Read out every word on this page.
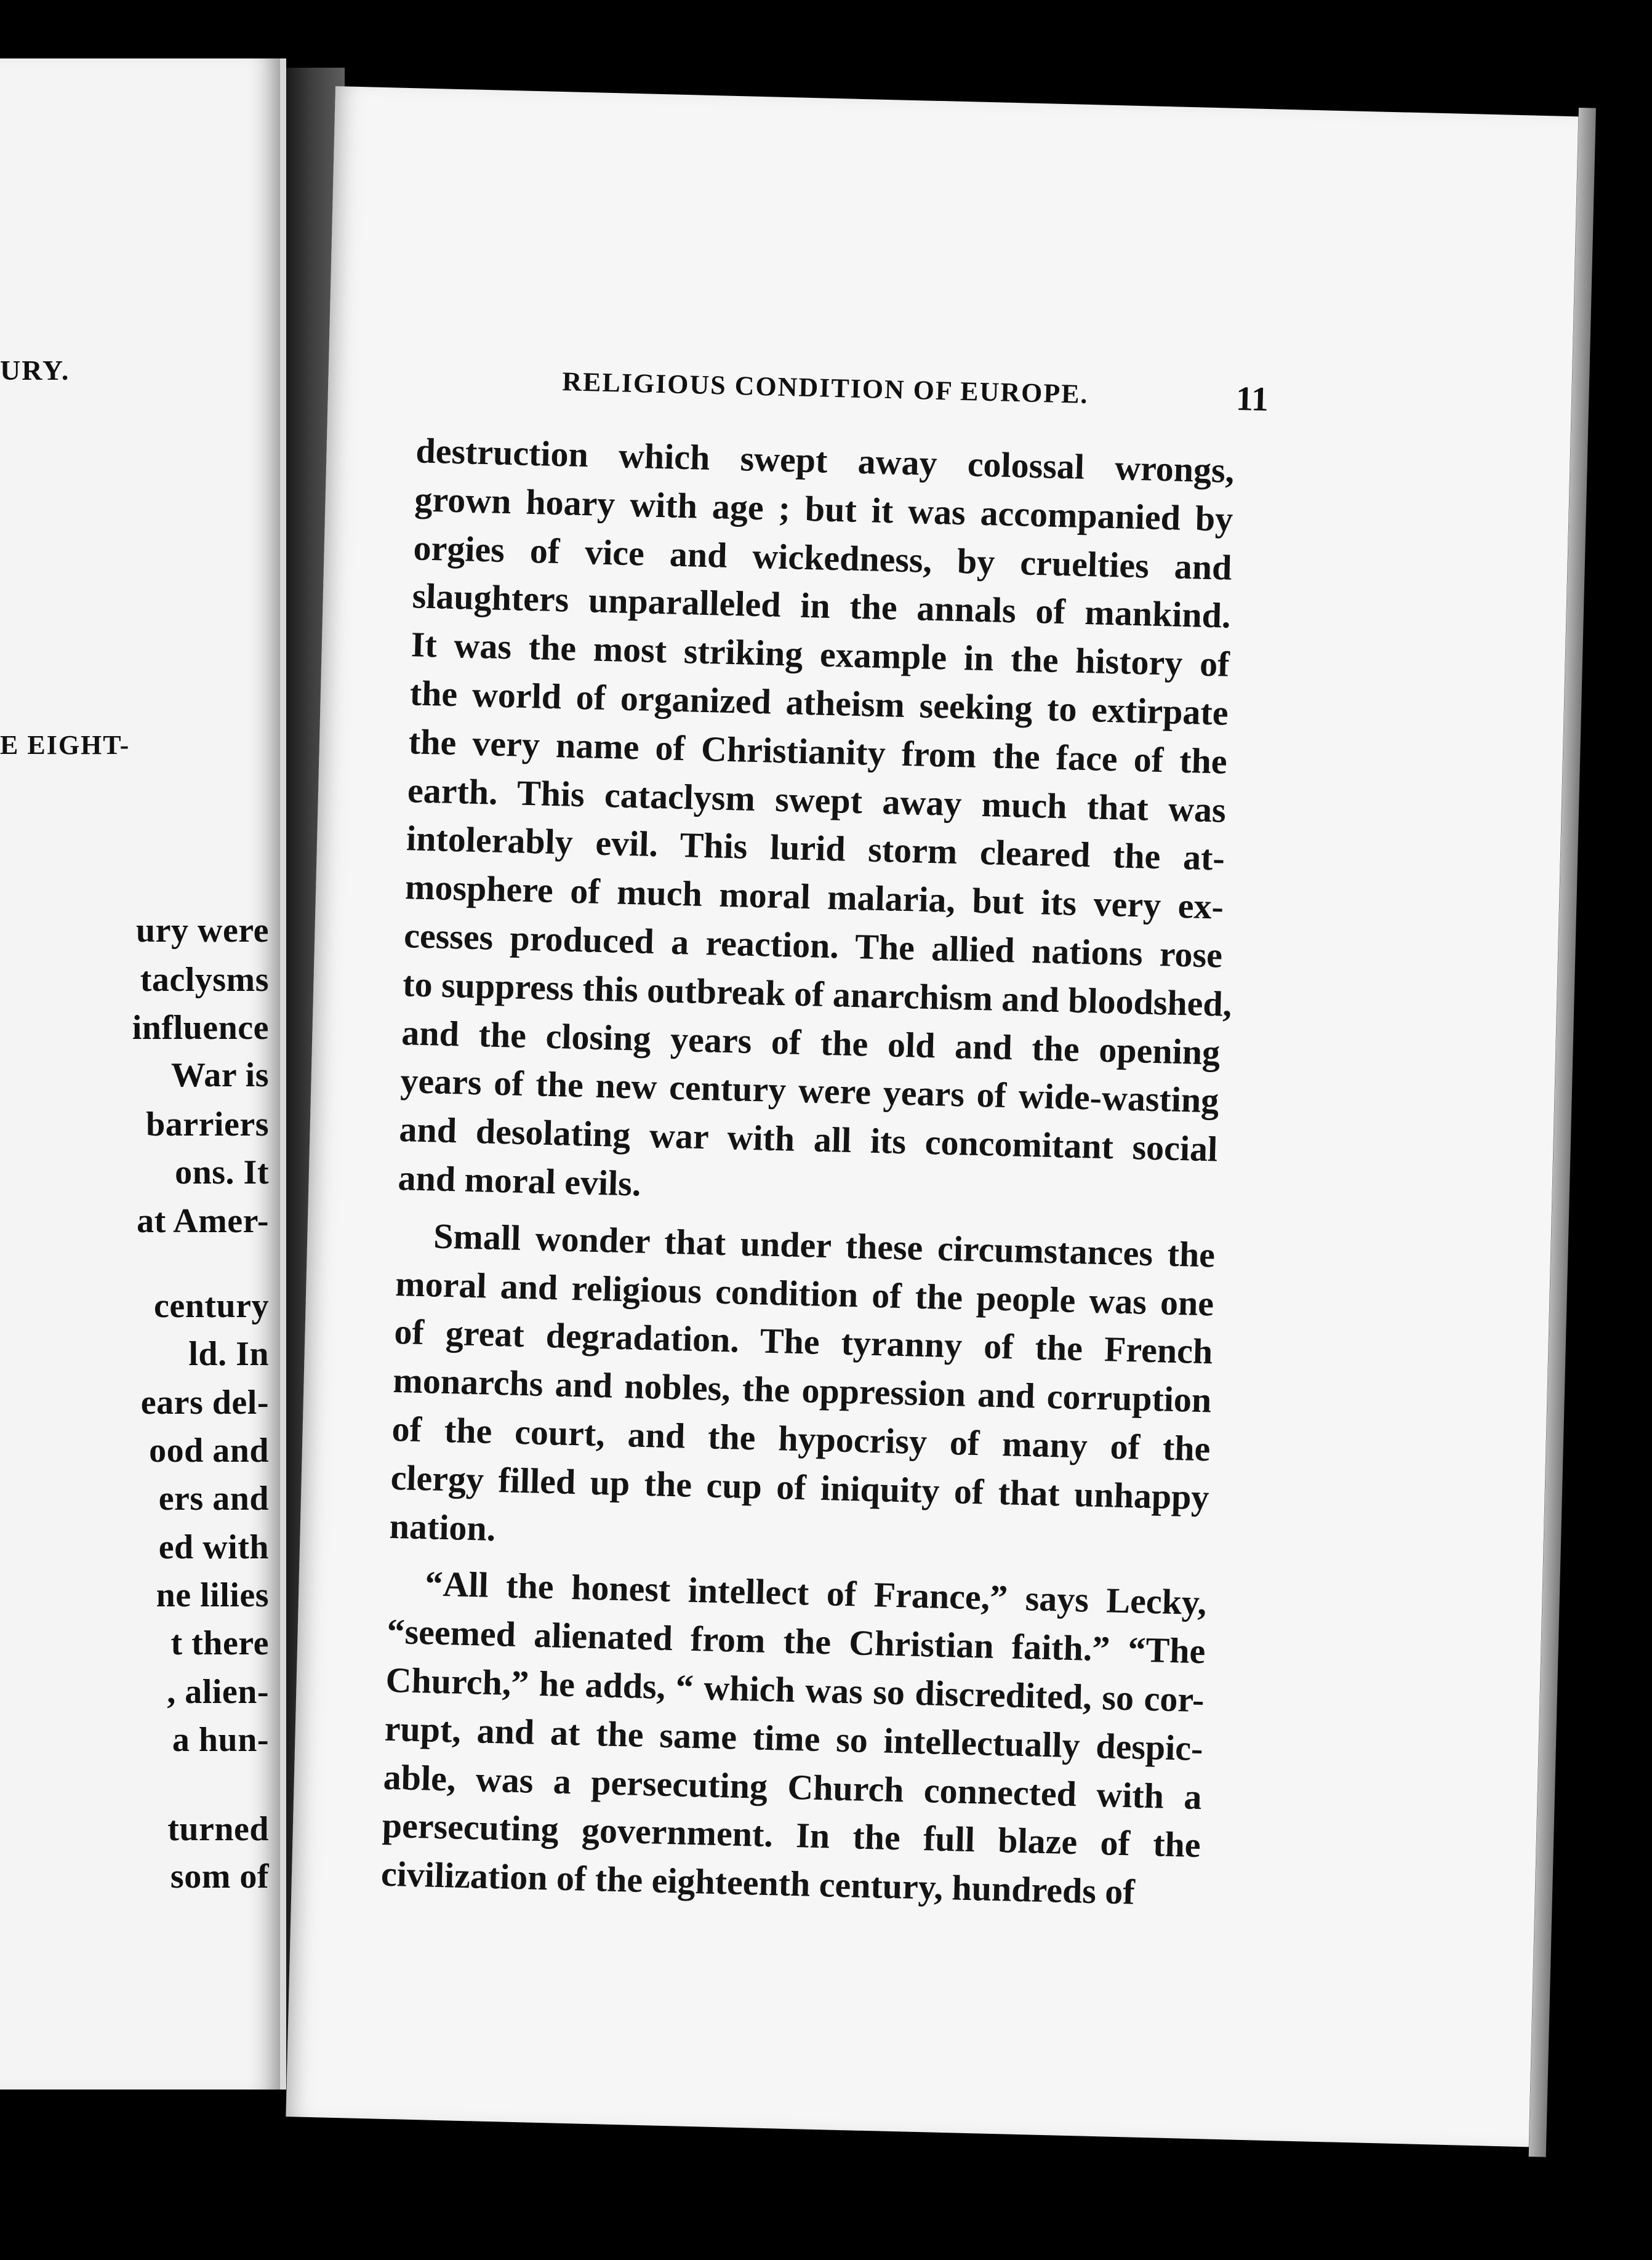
URY.
E EIGHT-
ury were
taclysms
influence
War is
barriers
ons. It
at Amer-
century
ld. In
ears del-
ood and
ers and
ed with
ne lilies
t there
, alien-
a hun-
turned
som of
RELIGIOUS CONDITION OF EUROPE.	11
destruction which swept away colossal wrongs,
grown hoary with age ; but it was accompanied by
orgies of vice and wickedness, by cruelties and
slaughters unparalleled in the annals of mankind.
It was the most striking example in the history of
the world of organized atheism seeking to extirpate
the very name of Christianity from the face of the
earth. This cataclysm swept away much that was
intolerably evil. This lurid storm cleared the at-
mosphere of much moral malaria, but its very ex-
cesses produced a reaction. The allied nations rose
to suppress this outbreak of anarchism and bloodshed,
and the closing years of the old and the opening
years of the new century were years of wide-wasting
and desolating war with all its concomitant social
and moral evils.
Small wonder that under these circumstances the
moral and religious condition of the people was one
of great degradation. The tyranny of the French
monarchs and nobles, the oppression and corruption
of the court, and the hypocrisy of many of the
clergy filled up the cup of iniquity of that unhappy
nation.
“All the honest intellect of France,” says Lecky,
“seemed alienated from the Christian faith.” “The
Church,” he adds, “ which was so discredited, so cor-
rupt, and at the same time so intellectually despic-
able, was a persecuting Church connected with a
persecuting government. In the full blaze of the
civilization of the eighteenth century, hundreds of
